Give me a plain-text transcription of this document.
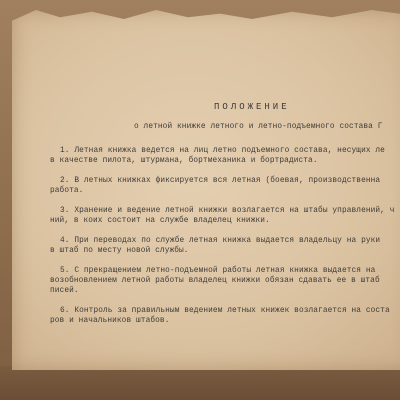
ПОЛОЖЕНИЕ
о летной книжке летного и летно-подъемного состава Г
1. Летная книжка ведется на лиц летно подъемного состава, несущих ле
в качестве пилота, штурмана, бортмеханика и бортрадиста.
2. В летных книжках фиксируется вся летная (боевая, производственна
работа.
3. Хранение и ведение летной книжки возлагается на штабы управлений, ч
ний, в коих состоит на службе владелец книжки.
4. При переводах по службе летная книжка выдается владельцу на руки
в штаб по месту новой службы.
5. С прекращением летно-подъемной работы летная книжка выдается на
возобновлением летной работы владелец книжки обязан сдавать ее в штаб
писей.
6. Контроль за правильным ведением летных книжек возлагается на соста
ров и начальников штабов.
